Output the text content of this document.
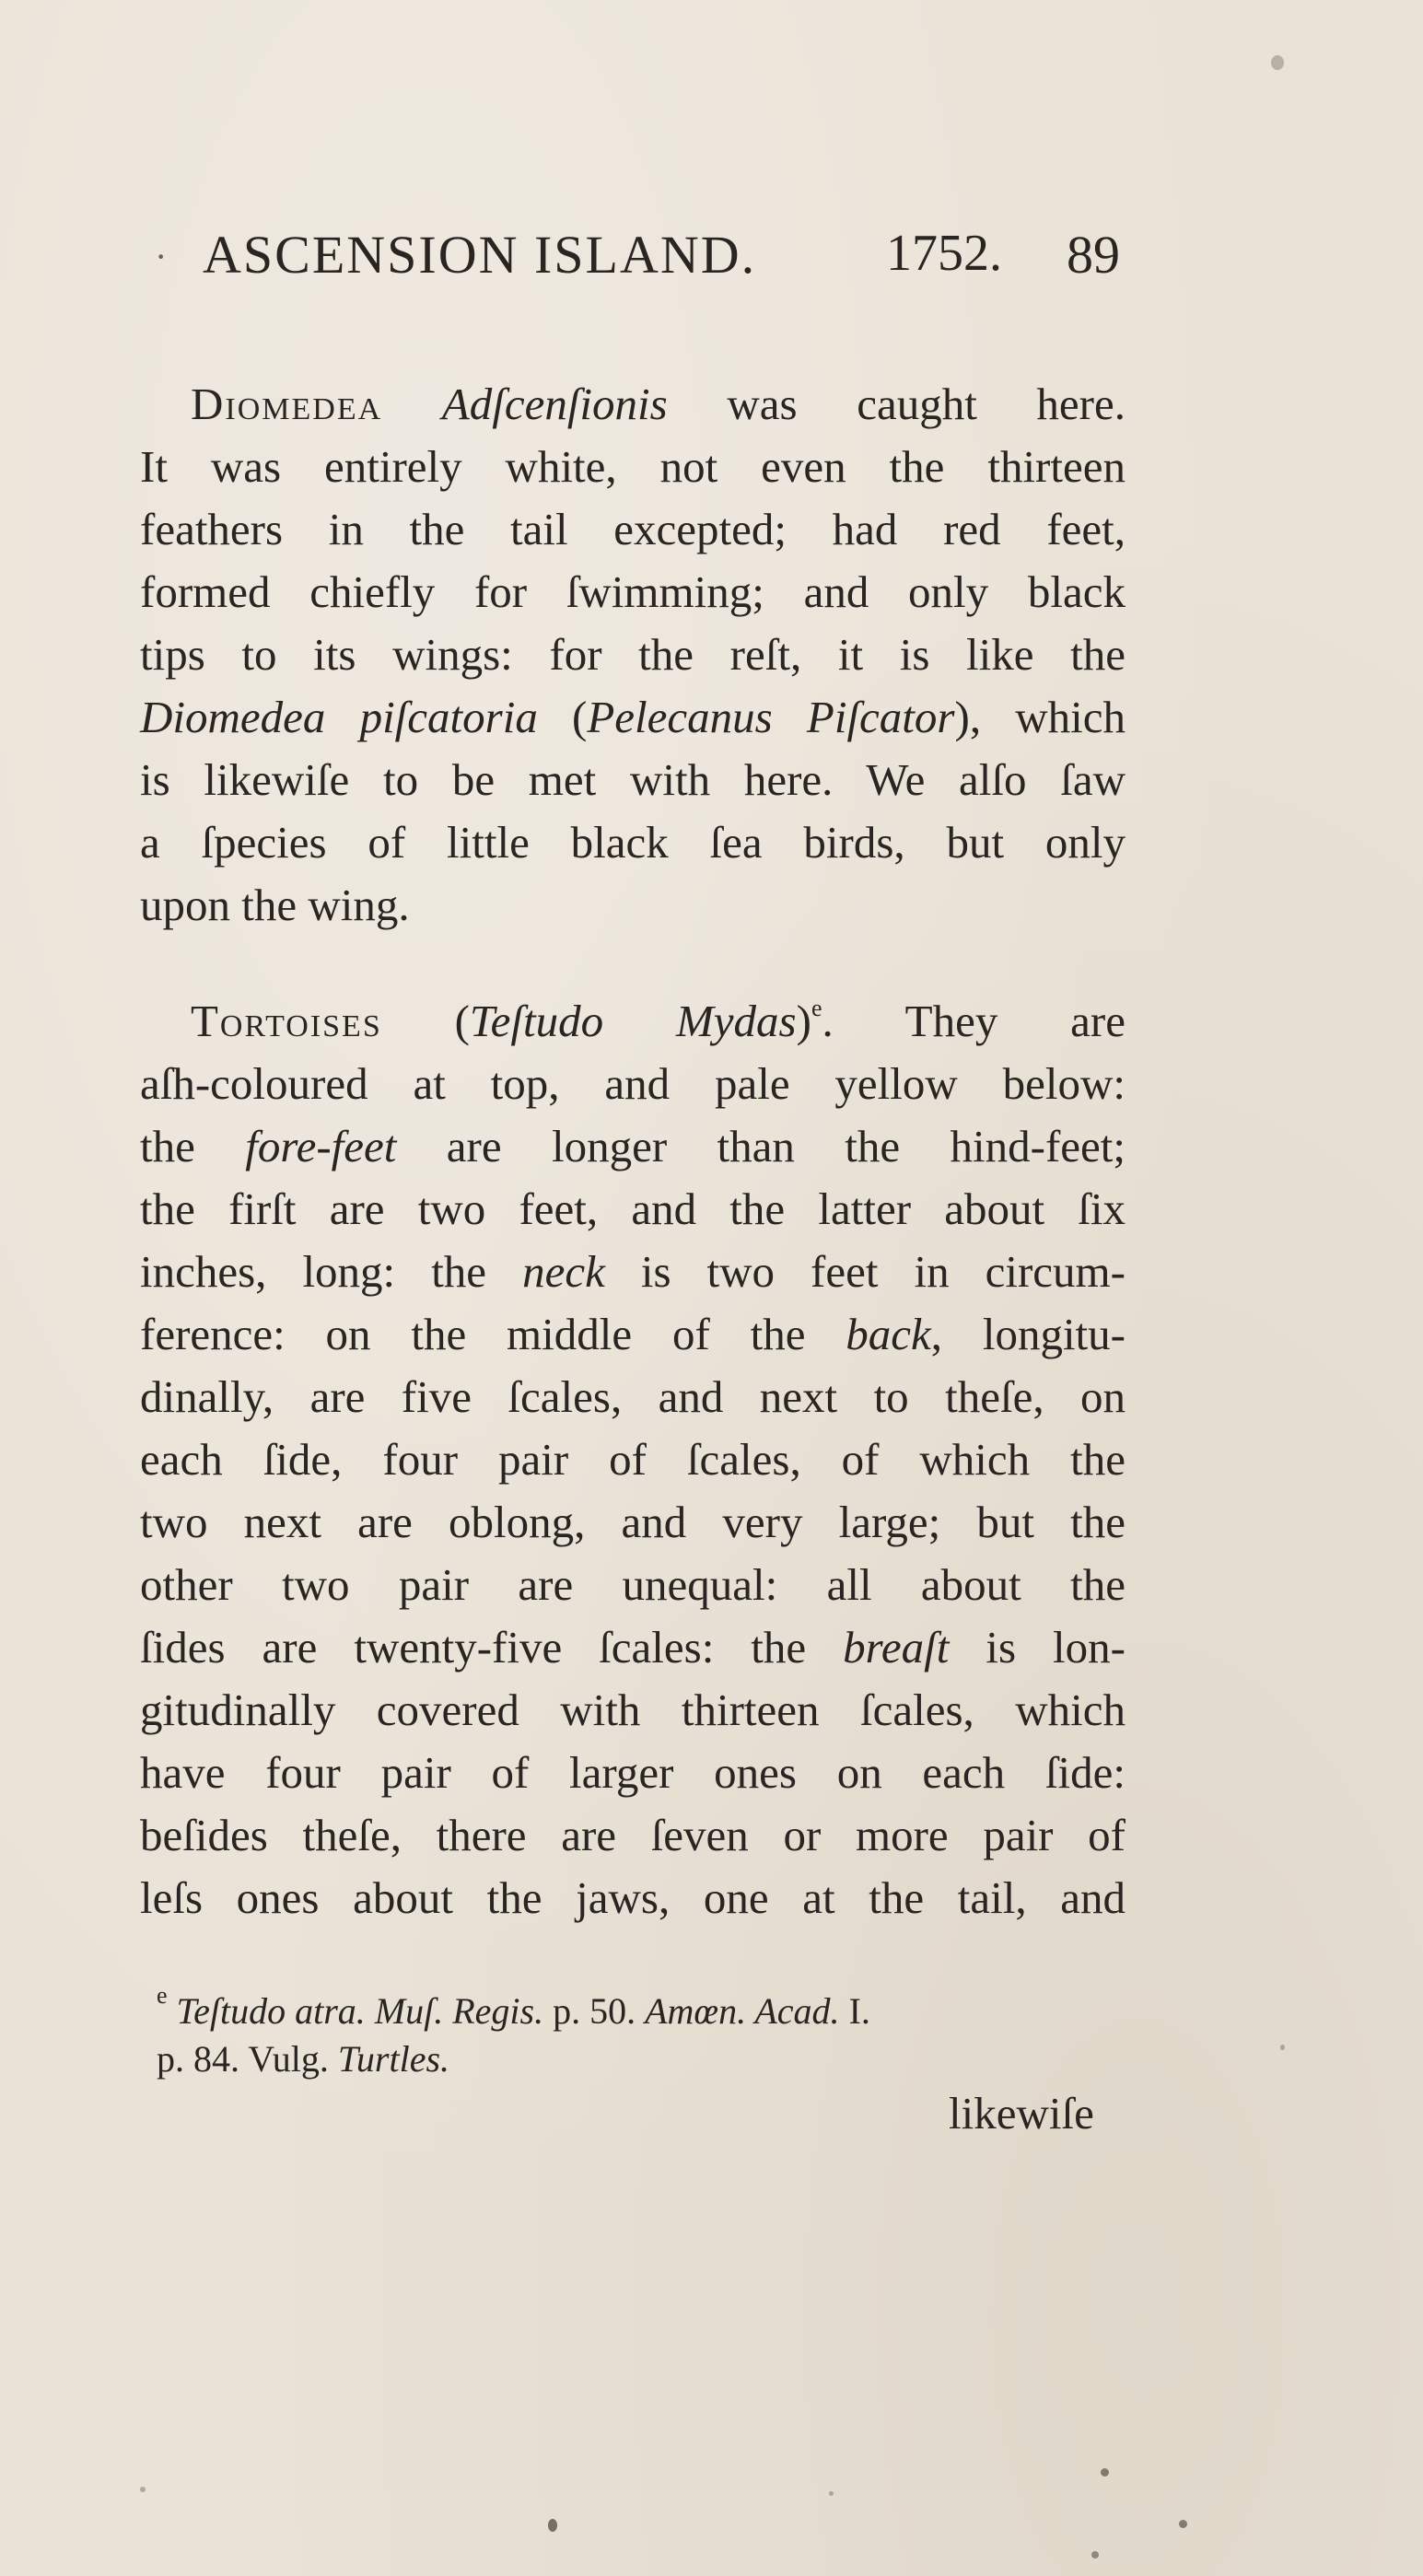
· ASCENSION ISLAND.	1752. 89
Diomedea Adſcenſionis was caught here.
It was entirely white, not even the thirteen
feathers in the tail excepted; had red feet,
formed chiefly for ſwimming; and only black
tips to its wings: for the reſt, it is like the
Diomedea piſcatoria (Pelecanus Piſcator), which
is likewiſe to be met with here. We alſo ſaw
a ſpecies of little black ſea birds, but only
upon the wing.
Tortoises (Teſtudo Mydas)$^e$. They are
aſh-coloured at top, and pale yellow below:
the fore-feet are longer than the hind-feet;
the firſt are two feet, and the latter about ſix
inches, long: the neck is two feet in circum-
ference: on the middle of the back, longitu-
dinally, are five ſcales, and next to theſe, on
each ſide, four pair of ſcales, of which the
two next are oblong, and very large; but the
other two pair are unequal: all about the
ſides are twenty-five ſcales: the breaſt is lon-
gitudinally covered with thirteen ſcales, which
have four pair of larger ones on each ſide:
beſides theſe, there are ſeven or more pair of
leſs ones about the jaws, one at the tail, and
$^e$ Teſtudo atra. Muſ. Regis. p. 50. Amœn. Acad. I.
p. 84. Vulg. Turtles.
likewiſe
